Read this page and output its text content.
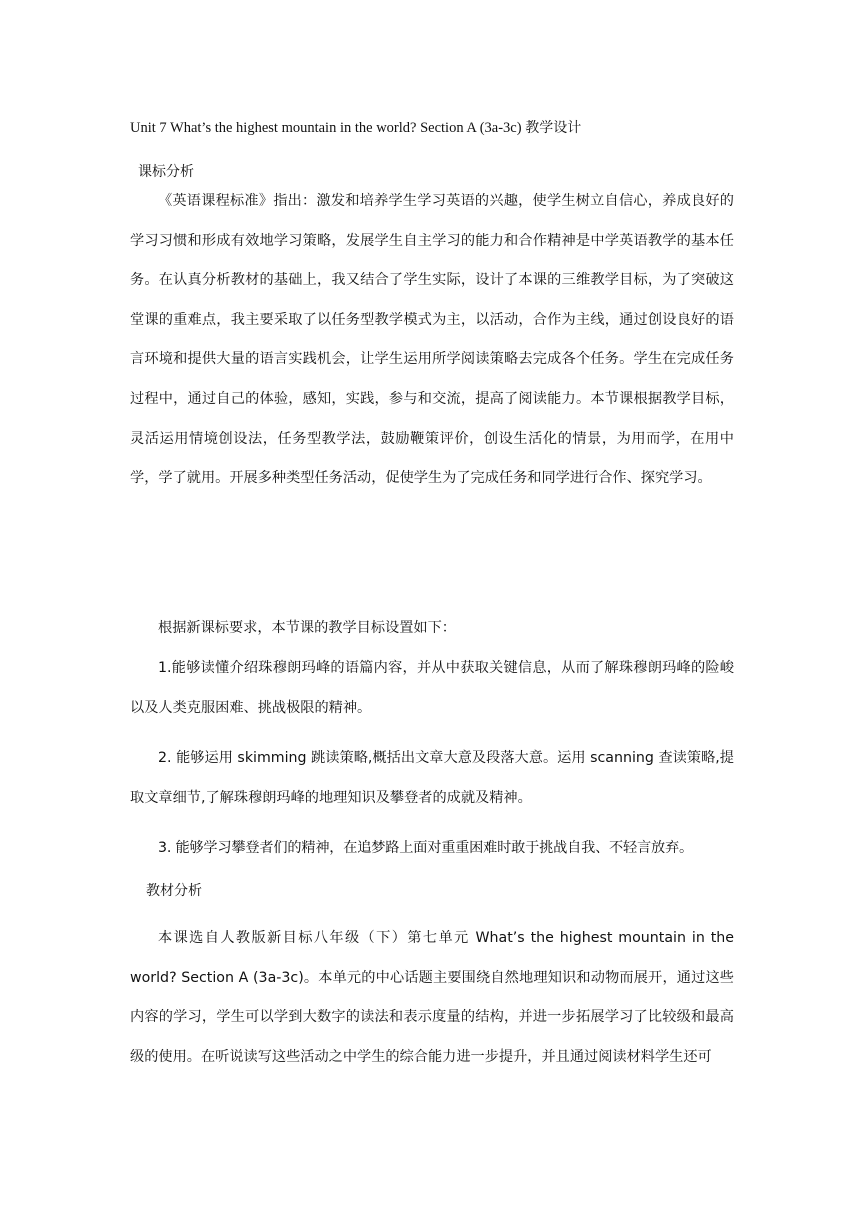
Unit 7 What’s the highest mountain in the world? Section A (3a-3c) 教学设计
课标分析

《英语课程标准》指出：激发和培养学生学习英语的兴趣，使学生树立自信心，养成良好的学习习惯和形成有效地学习策略，发展学生自主学习的能力和合作精神是中学英语教学的基本任务。在认真分析教材的基础上，我又结合了学生实际，设计了本课的三维教学目标，为了突破这堂课的重难点，我主要采取了以任务型教学模式为主，以活动，合作为主线，通过创设良好的语言环境和提供大量的语言实践机会，让学生运用所学阅读策略去完成各个任务。学生在完成任务过程中，通过自己的体验，感知，实践，参与和交流，提高了阅读能力。本节课根据教学目标，灵活运用情境创设法，任务型教学法，鼓励鞭策评价，创设生活化的情景，为用而学，在用中学，学了就用。开展多种类型任务活动，促使学生为了完成任务和同学进行合作、探究学习。

根据新课标要求，本节课的教学目标设置如下：

1.能够读懂介绍珠穆朗玛峰的语篇内容，并从中获取关键信息，从而了解珠穆朗玛峰的险峻以及人类克服困难、挑战极限的精神。

2. 能够运用 skimming 跳读策略,概括出文章大意及段落大意。运用 scanning 查读策略,提取文章细节,了解珠穆朗玛峰的地理知识及攀登者的成就及精神。

3. 能够学习攀登者们的精神，在追梦路上面对重重困难时敢于挑战自我、不轻言放弃。

教材分析

本课选自人教版新目标八年级（下）第七单元 What’s the highest mountain in the world? Section A (3a-3c)。本单元的中心话题主要围绕自然地理知识和动物而展开，通过这些内容的学习，学生可以学到大数字的读法和表示度量的结构，并进一步拓展学习了比较级和最高级的使用。在听说读写这些活动之中学生的综合能力进一步提升，并且通过阅读材料学生还可
